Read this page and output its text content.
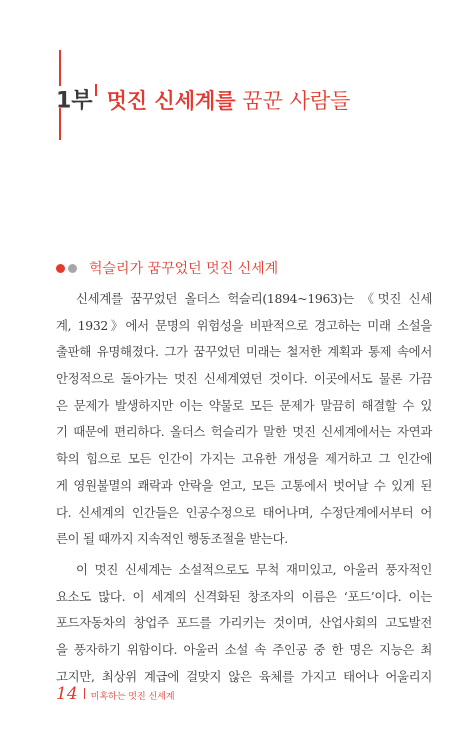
1부 멋진 신세계를 꿈꾼 사람들
헉슬리가 꿈꾸었던 멋진 신세계
신세계를 꿈꾸었던 올더스 헉슬리(1894~1963)는 《멋진 신세
계, 1932》에서 문명의 위험성을 비판적으로 경고하는 미래 소설을
출판해 유명해졌다. 그가 꿈꾸었던 미래는 철저한 계획과 통제 속에서
안정적으로 돌아가는 멋진 신세계였던 것이다. 이곳에서도 물론 가끔
은 문제가 발생하지만 이는 약물로 모든 문제가 말끔히 해결할 수 있
기 때문에 편리하다. 올더스 헉슬리가 말한 멋진 신세계에서는 자연과
학의 힘으로 모든 인간이 가지는 고유한 개성을 제거하고 그 인간에
게 영원불멸의 쾌락과 안락을 얻고, 모든 고통에서 벗어날 수 있게 된
다. 신세계의 인간들은 인공수정으로 태어나며, 수정단계에서부터 어
른이 될 때까지 지속적인 행동조절을 받는다.
이 멋진 신세계는 소설적으로도 무척 재미있고, 아울러 풍자적인
요소도 많다. 이 세계의 신격화된 창조자의 이름은 ‘포드’이다. 이는
포드자동차의 창업주 포드를 가리키는 것이며, 산업사회의 고도발전
을 풍자하기 위함이다. 아울러 소설 속 주인공 중 한 명은 지능은 최
고지만, 최상위 계급에 걸맞지 않은 육체를 가지고 태어나 어울리지
14 미혹하는 멋진 신세계
